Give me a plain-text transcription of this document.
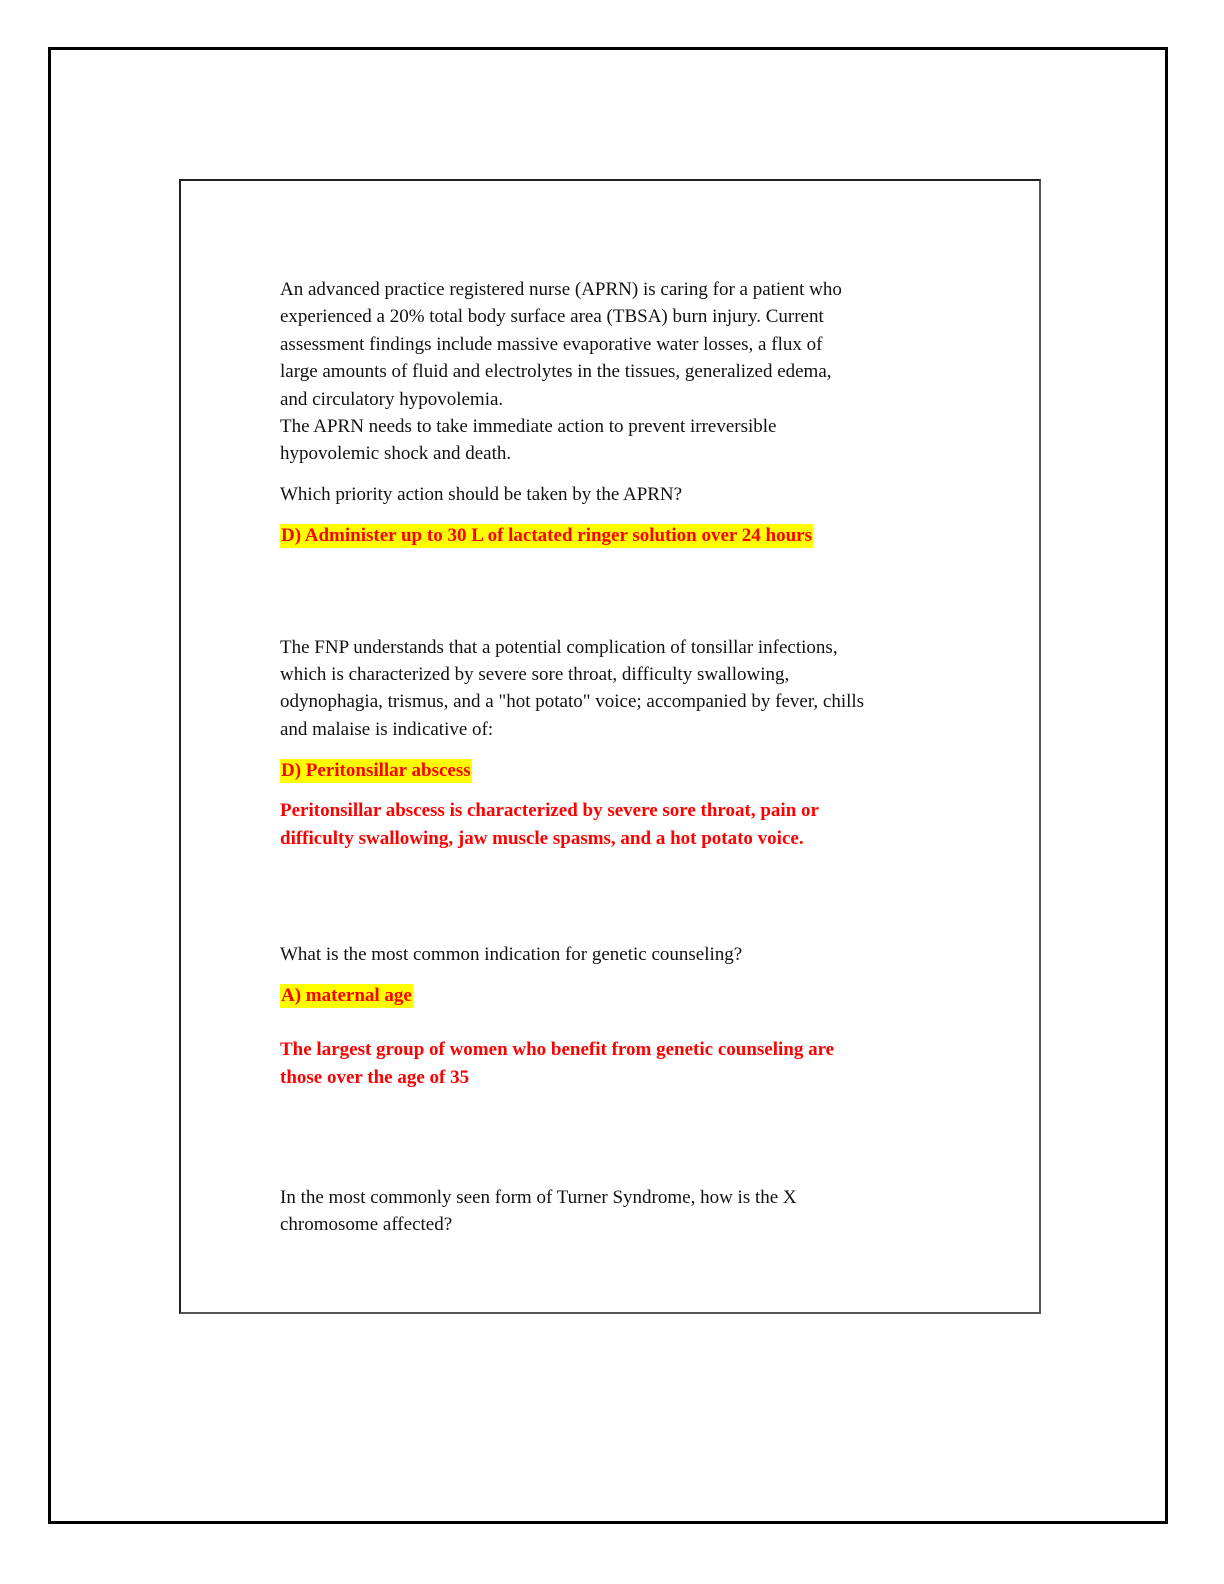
An advanced practice registered nurse (APRN) is caring for a patient who
experienced a 20% total body surface area (TBSA) burn injury. Current
assessment findings include massive evaporative water losses, a flux of
large amounts of fluid and electrolytes in the tissues, generalized edema,
and circulatory hypovolemia.
The APRN needs to take immediate action to prevent irreversible
hypovolemic shock and death.

Which priority action should be taken by the APRN?

D) Administer up to 30 L of lactated ringer solution over 24 hours

The FNP understands that a potential complication of tonsillar infections,
which is characterized by severe sore throat, difficulty swallowing,
odynophagia, trismus, and a "hot potato" voice; accompanied by fever, chills
and malaise is indicative of:

D) Peritonsillar abscess

Peritonsillar abscess is characterized by severe sore throat, pain or
difficulty swallowing, jaw muscle spasms, and a hot potato voice.

What is the most common indication for genetic counseling?

A) maternal age

The largest group of women who benefit from genetic counseling are
those over the age of 35

In the most commonly seen form of Turner Syndrome, how is the X
chromosome affected?
